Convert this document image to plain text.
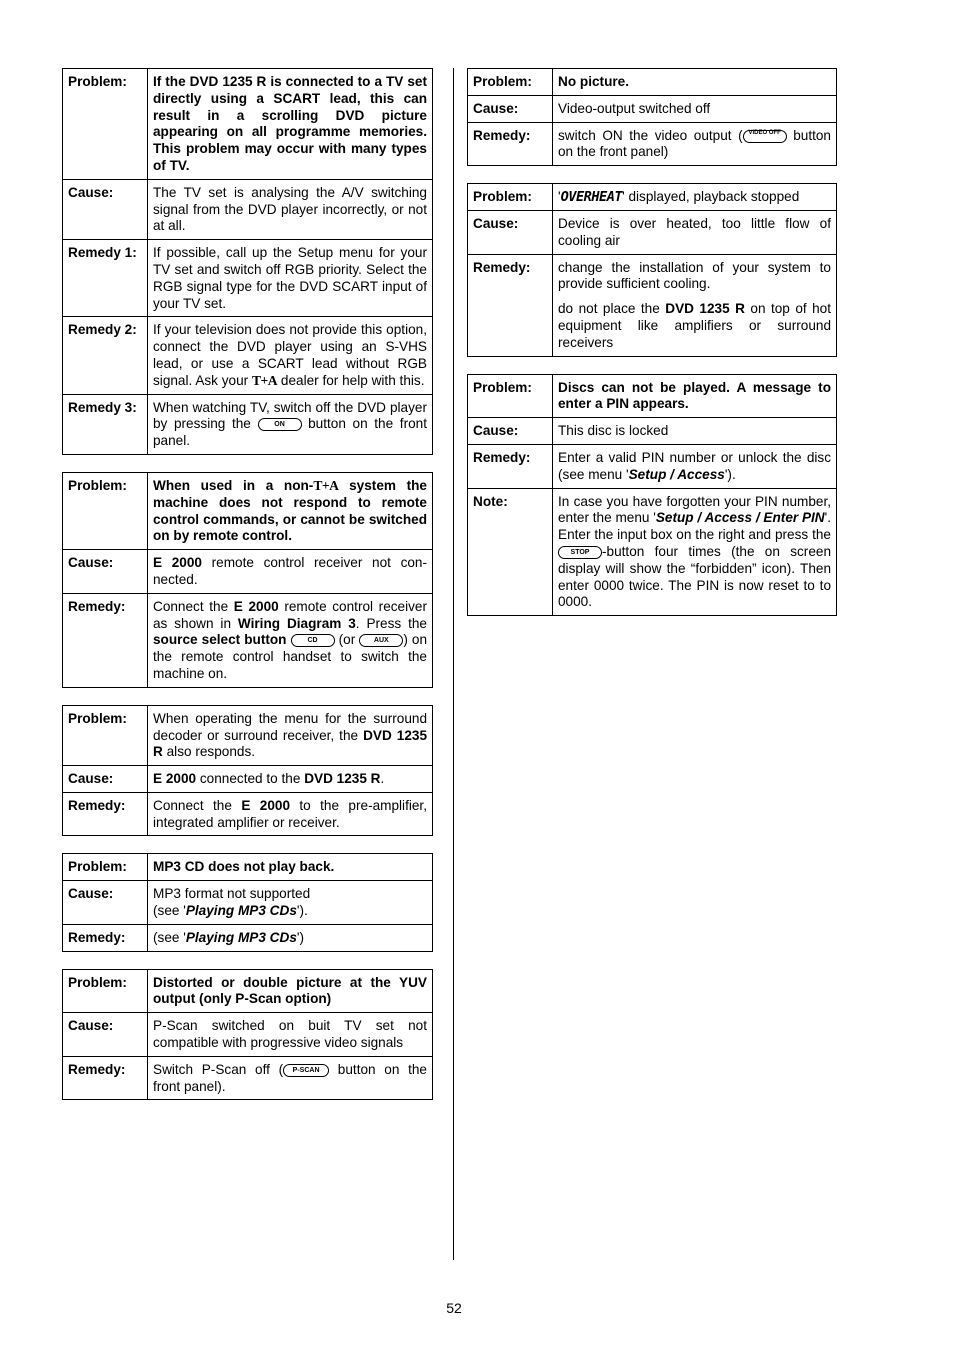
Problem:	If the DVD 1235 R is connected to a TV set directly using a SCART lead, this can result in a scrolling DVD picture appearing on all programme memories. This problem may occur with many types of TV.
Cause:	The TV set is analysing the A/V switching signal from the DVD player incorrectly, or not at all.
Remedy 1:	If possible, call up the Setup menu for your TV set and switch off RGB priority. Select the RGB signal type for the DVD SCART input of your TV set.
Remedy 2:	If your television does not provide this option, connect the DVD player using an S-VHS lead, or use a SCART lead without RGB signal. Ask your T+A dealer for help with this.
Remedy 3:	When watching TV, switch off the DVD player by pressing the ON button on the front panel.
Problem:	When used in a non-T+A system the machine does not respond to remote control commands, or cannot be switched on by remote control.
Cause:	E 2000 remote control receiver not con-nected.
Remedy:	Connect the E 2000 remote control receiver as shown in Wiring Diagram 3. Press the source select button CD (or AUX ) on the remote control handset to switch the machine on.
Problem:	When operating the menu for the surround decoder or surround receiver, the DVD 1235 R also responds.
Cause:	E 2000 connected to the DVD 1235 R.
Remedy:	Connect the E 2000 to the pre-amplifier, integrated amplifier or receiver.
Problem:	MP3 CD does not play back.
Cause:	MP3 format not supported
(see 'Playing MP3 CDs').
Remedy:	(see 'Playing MP3 CDs')
Problem:	Distorted or double picture at the YUV output (only P-Scan option)
Cause:	P-Scan switched on buit TV set not compatible with progressive video signals
Remedy:	Switch P-Scan off ( P-SCAN button on the front panel).
Problem:	No picture.
Cause:	Video-output switched off
Remedy:	switch ON the video output ( VIDEO OFF button on the front panel)
Problem:	'OVERHEAT' displayed, playback stopped
Cause:	Device is over heated, too little flow of cooling air
Remedy:	change the installation of your system to provide sufficient cooling.
do not place the DVD 1235 R on top of hot equipment like amplifiers or surround receivers
Problem:	Discs can not be played. A message to enter a PIN appears.
Cause:	This disc is locked
Remedy:	Enter a valid PIN number or unlock the disc (see menu 'Setup / Access').
Note:	In case you have forgotten your PIN number, enter the menu 'Setup / Access / Enter PIN'. Enter the input box on the right and press the STOP -button four times (the on screen display will show the “forbidden” icon). Then enter 0000 twice. The PIN is now reset to to 0000.
52
